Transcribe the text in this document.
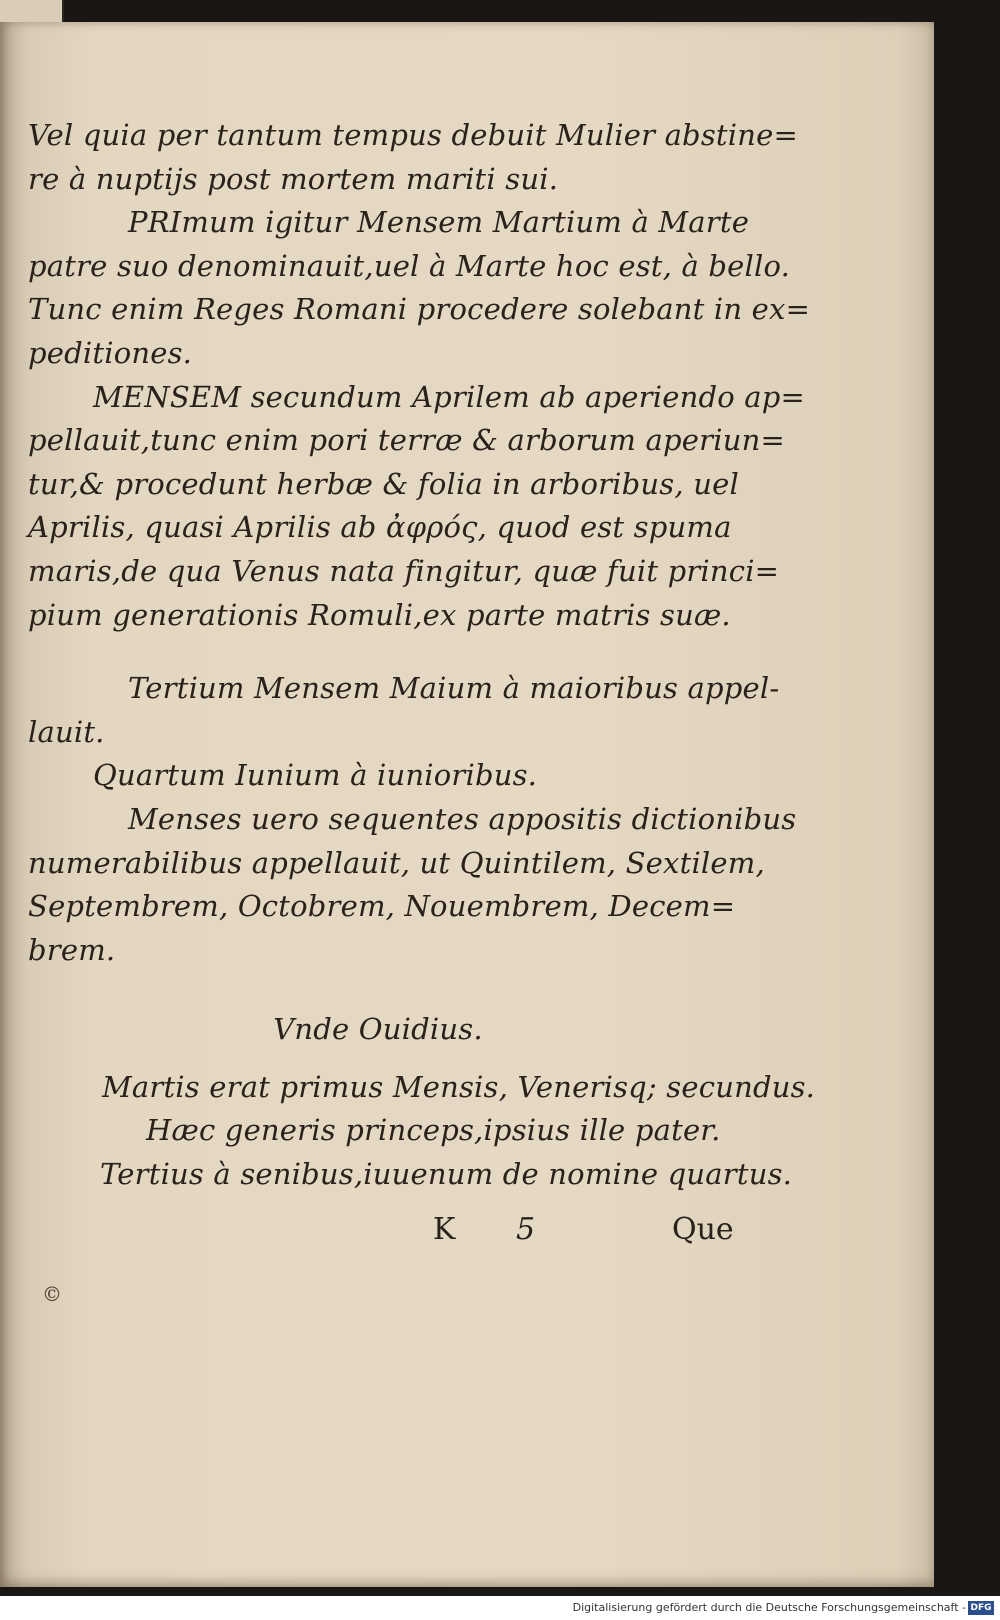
Vel quia per tantum tempus debuit Mulier abstine=
re à nuptijs post mortem mariti sui.
PRImum igitur Mensem Martium à Marte
patre suo denominauit,uel à Marte hoc est, à bello.
Tunc enim Reges Romani procedere solebant in ex=
peditiones.
MENSEM secundum Aprilem ab aperiendo ap=
pellauit,tunc enim pori terræ & arborum aperiun=
tur,& procedunt herbæ & folia in arboribus, uel
Aprilis, quasi Aprilis ab ἀφρός, quod est spuma
maris,de qua Venus nata fingitur, quæ fuit princi=
pium generationis Romuli,ex parte matris suæ.
Tertium Mensem Maium à maioribus appel-
lauit.
Quartum Iunium à iunioribus.
Menses uero sequentes appositis dictionibus
numerabilibus appellauit, ut Quintilem, Sextilem,
Septembrem, Octobrem, Nouembrem, Decem=
brem.
Vnde Ouidius.
Martis erat primus Mensis, Venerisq; secundus.
Hæc generis princeps,ipsius ille pater.
Tertius à senibus,iuuenum de nomine quartus.
K 5	Que
©
Digitalisierung gefördert durch die Deutsche Forschungsgemeinschaft - DFG
